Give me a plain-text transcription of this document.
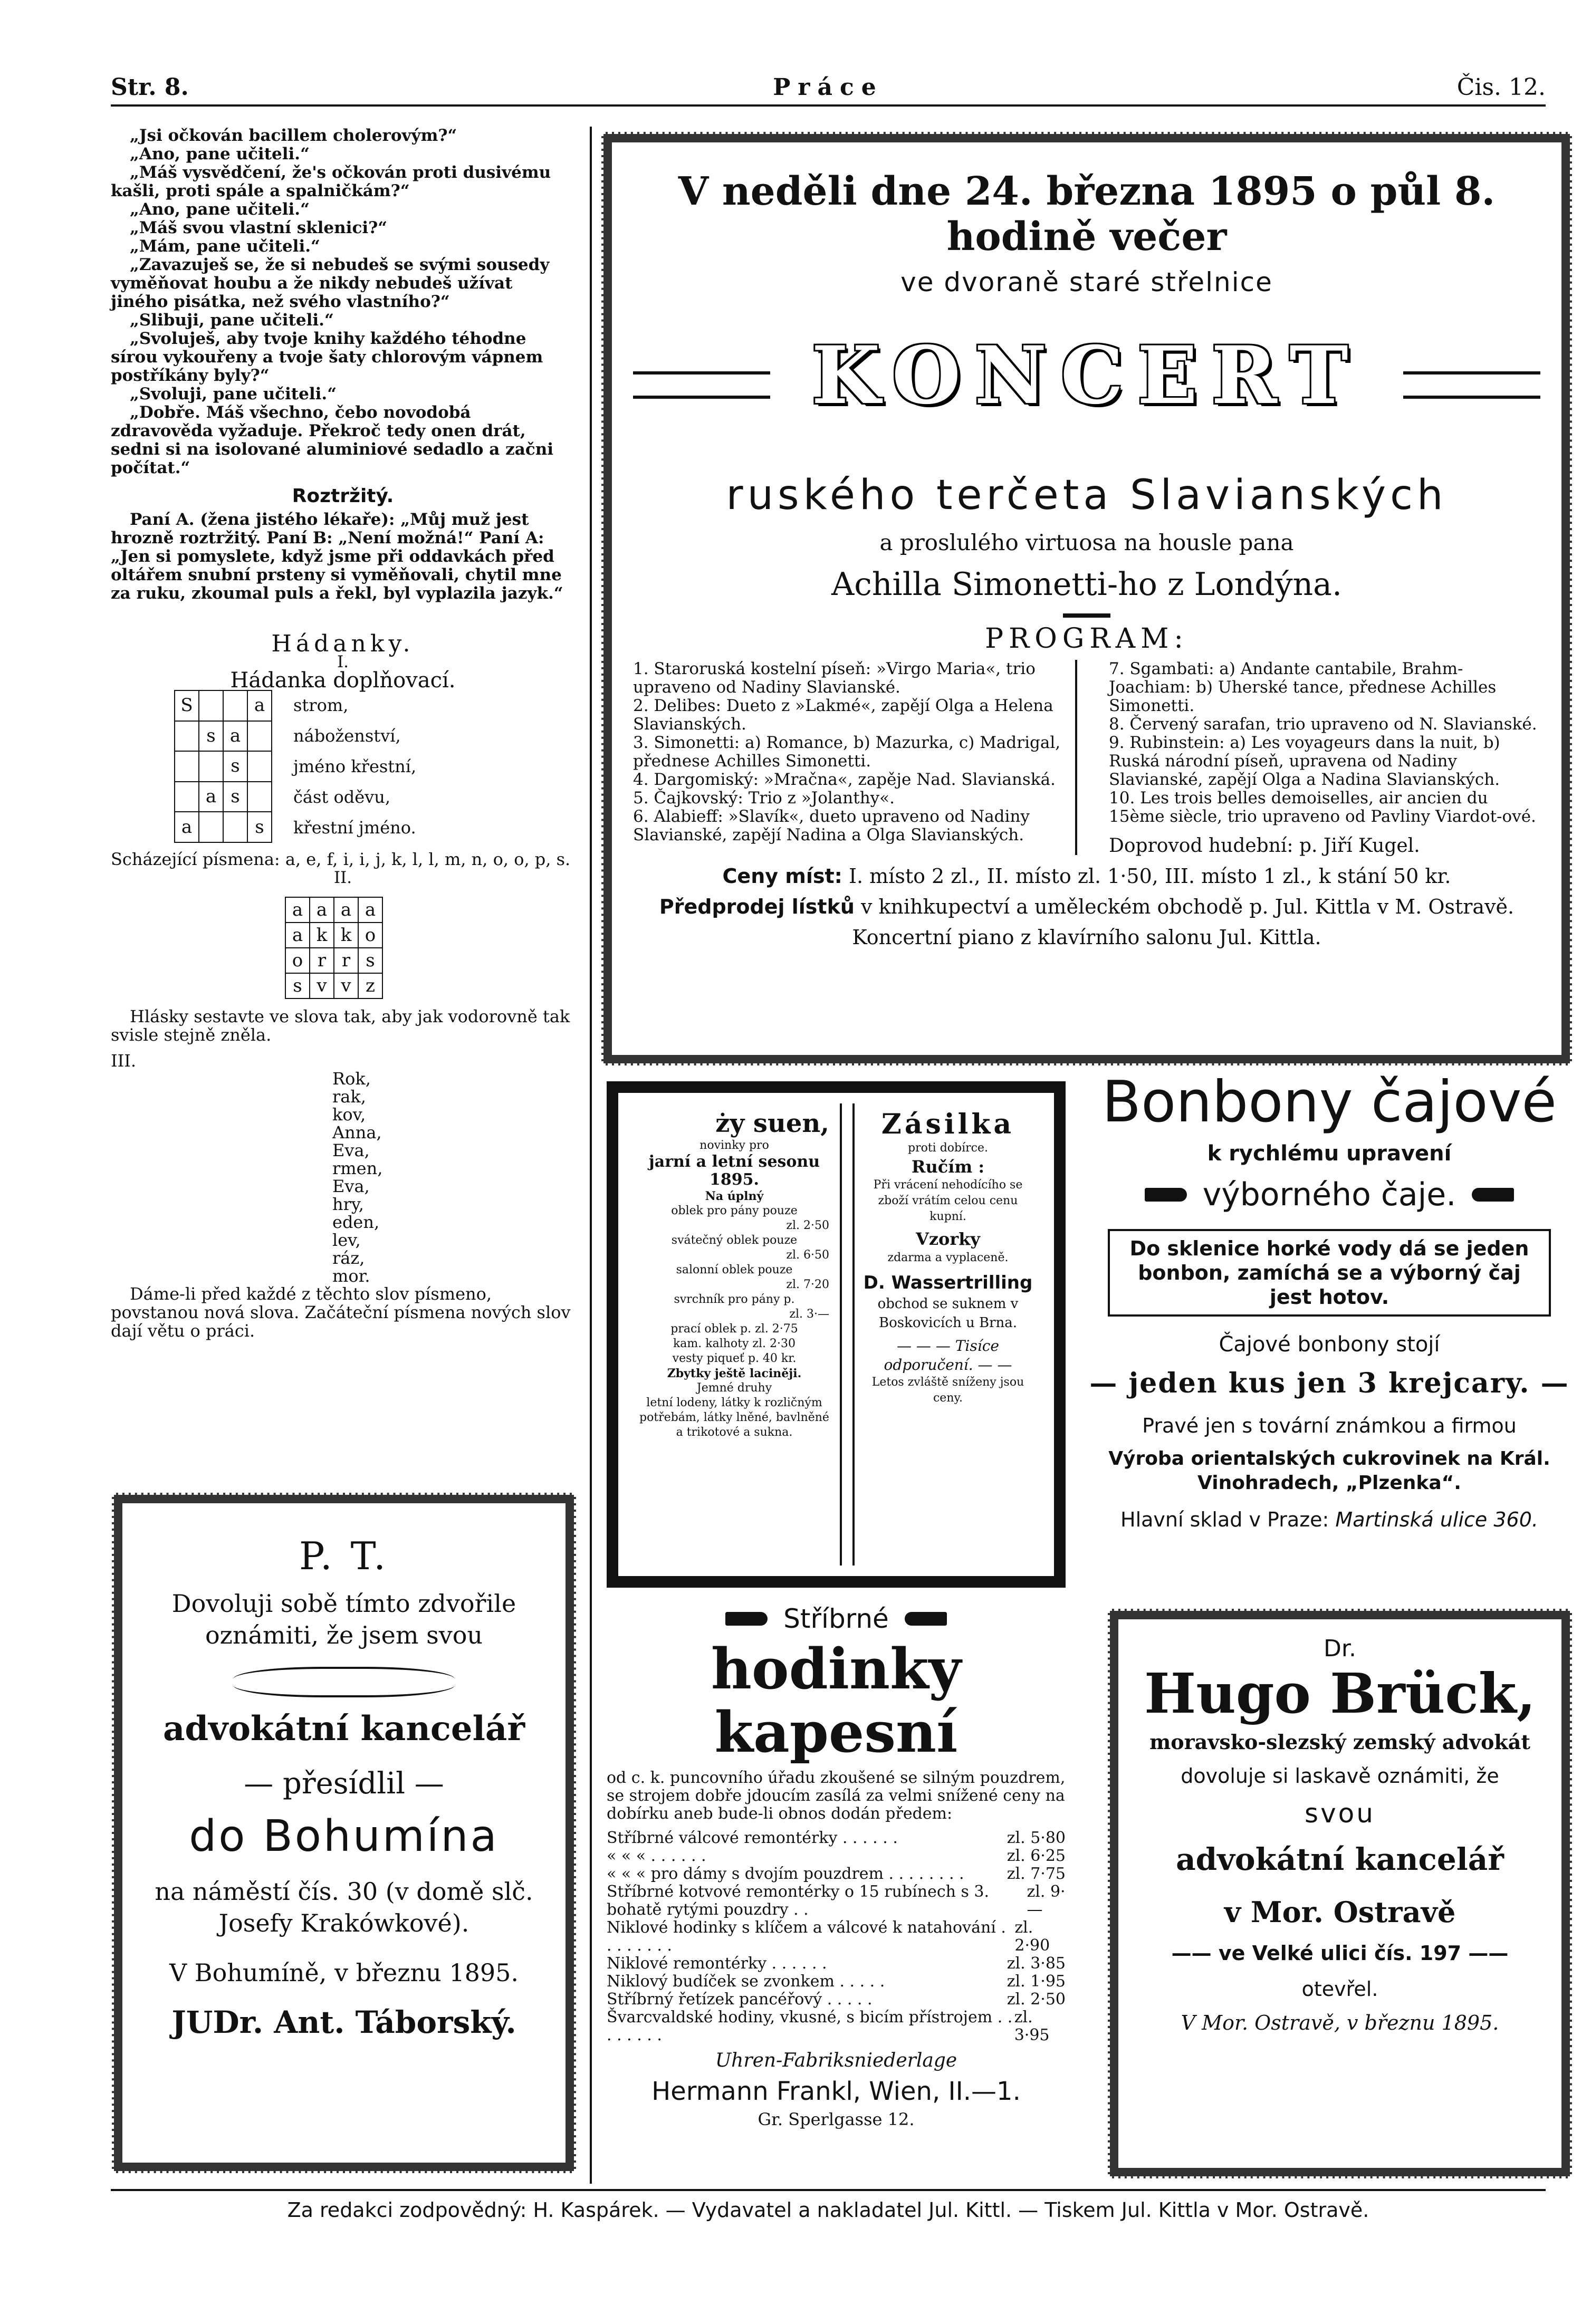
Str. 8.	Práce	Čis. 12.

„Jsi očkován bacillem cholerovým?“

„Ano, pane učiteli.“

„Máš vysvědčení, že's očkován proti dusivému kašli, proti spále a spalničkám?“

„Ano, pane učiteli.“

„Máš svou vlastní sklenici?“

„Mám, pane učiteli.“

„Zavazuješ se, že si nebudeš se svými sousedy vyměňovat houbu a že nikdy nebudeš užívat jiného pisátka, než svého vlastního?“

„Slibuji, pane učiteli.“

„Svoluješ, aby tvoje knihy každého téhodne sírou vykouřeny a tvoje šaty chlorovým vápnem postříkány byly?“

„Svoluji, pane učiteli.“

„Dobře. Máš všechno, čebo novodobá zdravověda vyžaduje. Překroč tedy onen drát, sedni si na isolované aluminiové sedadlo a začni počítat.“

Roztržitý.

Paní A. (žena jistého lékaře): „Můj muž jest hrozně roztržitý. Paní B: „Není možná!“ Paní A: „Jen si pomyslete, když jsme při oddavkách před oltářem snubní prsteny si vyměňovali, chytil mne za ruku, zkoumal puls a řekl, byl vyplazila jazyk.“

Hádanky.

I.

Hádanka doplňovací.

S			a
	s	a	
		s	
	a	s	
a			s
strom,
náboženství,
jméno křestní,
část oděvu,
křestní jméno.

Scházející písmena: a, e, f, i, i, j, k, l, l, m, n, o, o, p, s.

II.

a	a	a	a
a	k	k	o
o	r	r	s
s	v	v	z

Hlásky sestavte ve slova tak, aby jak vodorovně tak svisle stejně zněla.

III.

Rok,
rak,
kov,
Anna,
Eva,
rmen,
Eva,
hry,
eden,
lev,
ráz,
mor.

Dáme-li před každé z těchto slov písmeno, povstanou nová slova. Začáteční písmena nových slov dají větu o práci.

P. T.
Dovoluji sobě tímto zdvořile oznámiti, že jsem svou
advokátní kancelář
— přesídlil —
do Bohumína
na náměstí čís. 30 (v domě slč. Josefy Krakówkové).
V Bohumíně, v březnu 1895.
JUDr. Ant. Táborský.
V neděli dne 24. března 1895 o půl 8. hodině večer
ve dvoraně staré střelnice
KONCERT
ruského terčeta Slavianských
a proslulého virtuosa na housle pana
Achilla Simonetti-ho z Londýna.
PROGRAM:
1. Staroruská kostelní píseň: »Virgo Maria«, trio upraveno od Nadiny Slavianské.
2. Delibes: Dueto z »Lakmé«, zapějí Olga a Helena Slavianských.
3. Simonetti: a) Romance, b) Mazurka, c) Madrigal, přednese Achilles Simonetti.
4. Dargomiský: »Mračna«, zapěje Nad. Slavianská.
5. Čajkovský: Trio z »Jolanthy«.
6. Alabieff: »Slavík«, dueto upraveno od Nadiny Slavianské, zapějí Nadina a Olga Slavianských.
7. Sgambati: a) Andante cantabile, Brahm-Joachiam: b) Uherské tance, přednese Achilles Simonetti.
8. Červený sarafan, trio upraveno od N. Slavianské.
9. Rubinstein: a) Les voyageurs dans la nuit, b) Ruská národní píseň, upravena od Nadiny Slavianské, zapějí Olga a Nadina Slavianských.
10. Les trois belles demoiselles, air ancien du 15ème siècle, trio upraveno od Pavliny Viardot-ové.
Doprovod hudební: p. Jiří Kugel.
Ceny míst: I. místo 2 zl., II. místo zl. 1·50, III. místo 1 zl., k stání 50 kr.
Předprodej lístků v knihkupectví a uměleckém obchodě p. Jul. Kittla v M. Ostravě.
Koncertní piano z klavírního salonu Jul. Kittla.
ży suen,
novinky pro
jarní a letní sesonu 1895.
Na úplný
oblek pro pány pouze
zl. 2·50
svátečný oblek pouze
zl. 6·50
salonní oblek pouze
zl. 7·20
svrchník pro pány p.
zl. 3·—
prací oblek p. zl. 2·75
kam. kalhoty zl. 2·30
vesty piqueť p. 40 kr.
Zbytky ještě laciněji.
Jemné druhy
letní lodeny, látky k rozličným potřebám, látky lněné, bavlněné a trikotové a sukna.
Zásilka
proti dobírce.
Ručím :
Při vrácení nehodícího se zboží vrátím celou cenu kupní.
Vzorky
zdarma a vyplaceně.
D. Wassertrilling
obchod se suknem v Boskovicích u Brna.
— — — Tisíce odporučení. — —
Letos zvláště sníženy jsou ceny.
Bonbony čajové
k rychlému upravení
výborného čaje.
Do sklenice horké vody dá se jeden bonbon, zamíchá se a výborný čaj jest hotov.
Čajové bonbony stojí
— jeden kus jen 3 krejcary. —
Pravé jen s tovární známkou a firmou
Výroba orientalských cukrovinek na Král. Vinohradech, „Plzenka“.
Hlavní sklad v Praze: Martinská ulice 360.
Stříbrné
hodinky kapesní
od c. k. puncovního úřadu zkoušené se silným pouzdrem, se strojem dobře jdoucím zasílá za velmi snížené ceny na dobírku aneb bude-li obnos dodán předem:
Stříbrné válcové remontérky . . . . . .	zl. 5·80
« « « . . . . . .	zl. 6·25
« « « pro dámy s dvojím pouzdrem . . . . . . . .	zl. 7·75
Stříbrné kotvové remontérky o 15 rubínech s 3. bohatě rytými pouzdry . .
zl. 9·—
Niklové hodinky s klíčem a válcové k natahování . . . . . . . .
zl. 2·90
Niklové remontérky . . . . . .	zl. 3·85
Niklový budíček se zvonkem . . . . .	zl. 1·95
Stříbrný řetízek pancéřový . . . . .	zl. 2·50
Švarcvaldské hodiny, vkusné, s bicím přístrojem . . . . . . . .
zl. 3·95
Uhren-Fabriksniederlage
Hermann Frankl, Wien, II.—1.
Gr. Sperlgasse 12.
Dr.
Hugo Brück,
moravsko-slezský zemský advokát
dovoluje si laskavě oznámiti, že
svou
advokátní kancelář
v Mor. Ostravě
—— ve Velké ulici čís. 197 ——
otevřel.
V Mor. Ostravě, v březnu 1895.
Za redakci zodpovědný: H. Kaspárek. — Vydavatel a nakladatel Jul. Kittl. — Tiskem Jul. Kittla v Mor. Ostravě.
